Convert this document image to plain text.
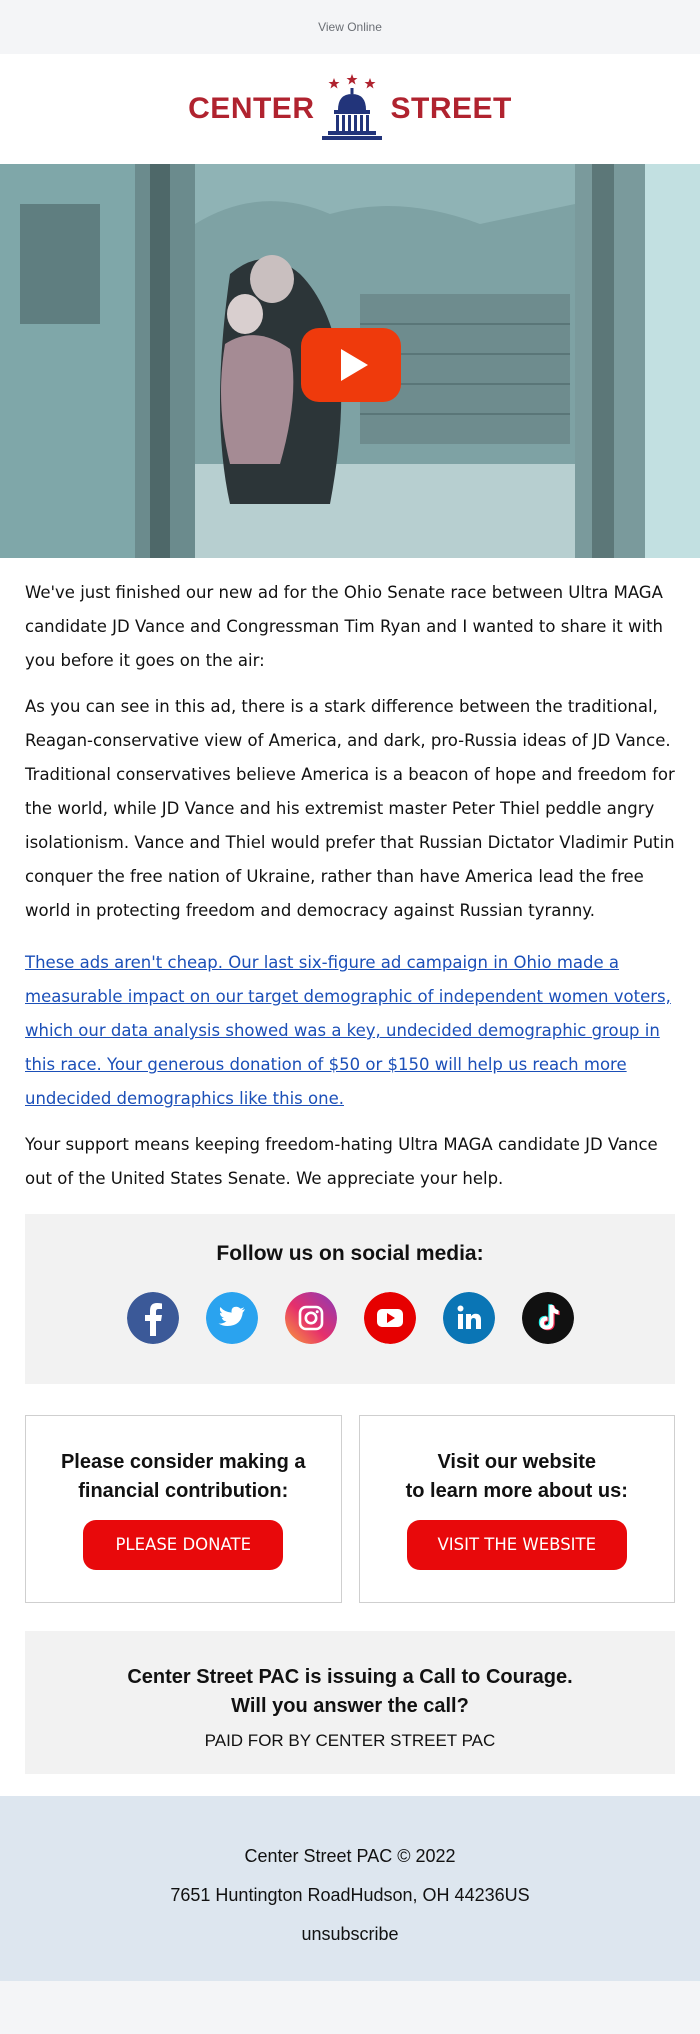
View Online
CENTER	STREET

We've just finished our new ad for the Ohio Senate race between Ultra MAGA candidate JD Vance and Congressman Tim Ryan and I wanted to share it with you before it goes on the air:

As you can see in this ad, there is a stark difference between the traditional, Reagan-conservative view of America, and dark, pro-Russia ideas of JD Vance. Traditional conservatives believe America is a beacon of hope and freedom for the world, while JD Vance and his extremist master Peter Thiel peddle angry isolationism. Vance and Thiel would prefer that Russian Dictator Vladimir Putin conquer the free nation of Ukraine, rather than have America lead the free world in protecting freedom and democracy against Russian tyranny.

These ads aren't cheap. Our last six-figure ad campaign in Ohio made a measurable impact on our target demographic of independent women voters, which our data analysis showed was a key, undecided demographic group in this race. Your generous donation of $50 or $150 will help us reach more undecided demographics like this one.

Your support means keeping freedom-hating Ultra MAGA candidate JD Vance out of the United States Senate. We appreciate your help.

Follow us on social media:
Please consider making a
financial contribution:
PLEASE DONATE
Visit our website
to learn more about us:
VISIT THE WEBSITE
Center Street PAC is issuing a Call to Courage.
Will you answer the call?
PAID FOR BY CENTER STREET PAC
Center Street PAC © 2022
7651 Huntington RoadHudson, OH 44236US
unsubscribe
